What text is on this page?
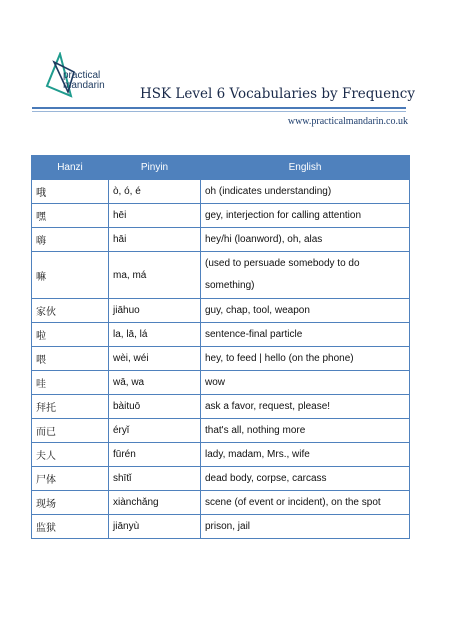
practical
mandarin
HSK Level 6 Vocabularies by Frequency
www.practicalmandarin.co.uk
Hanzi	Pinyin	English
哦	ò, ó, é	oh (indicates understanding)
嘿	hēi	gey, interjection for calling attention
嗨	hāi	hey/hi (loanword), oh, alas
嘛	ma, má	(used to persuade somebody to do something)

家伙	jiāhuo	guy, chap, tool, weapon
啦	la, lā, lá	sentence-final particle
喂	wèi, wéi	hey, to feed | hello (on the phone)
哇	wā, wa	wow
拜托	bàituō	ask a favor, request, please!
而已	éryǐ	that's all, nothing more
夫人	fūrén	lady, madam, Mrs., wife
尸体	shītǐ	dead body, corpse, carcass
现场	xiànchǎng	scene (of event or incident), on the spot
监狱	jiānyù	prison, jail
